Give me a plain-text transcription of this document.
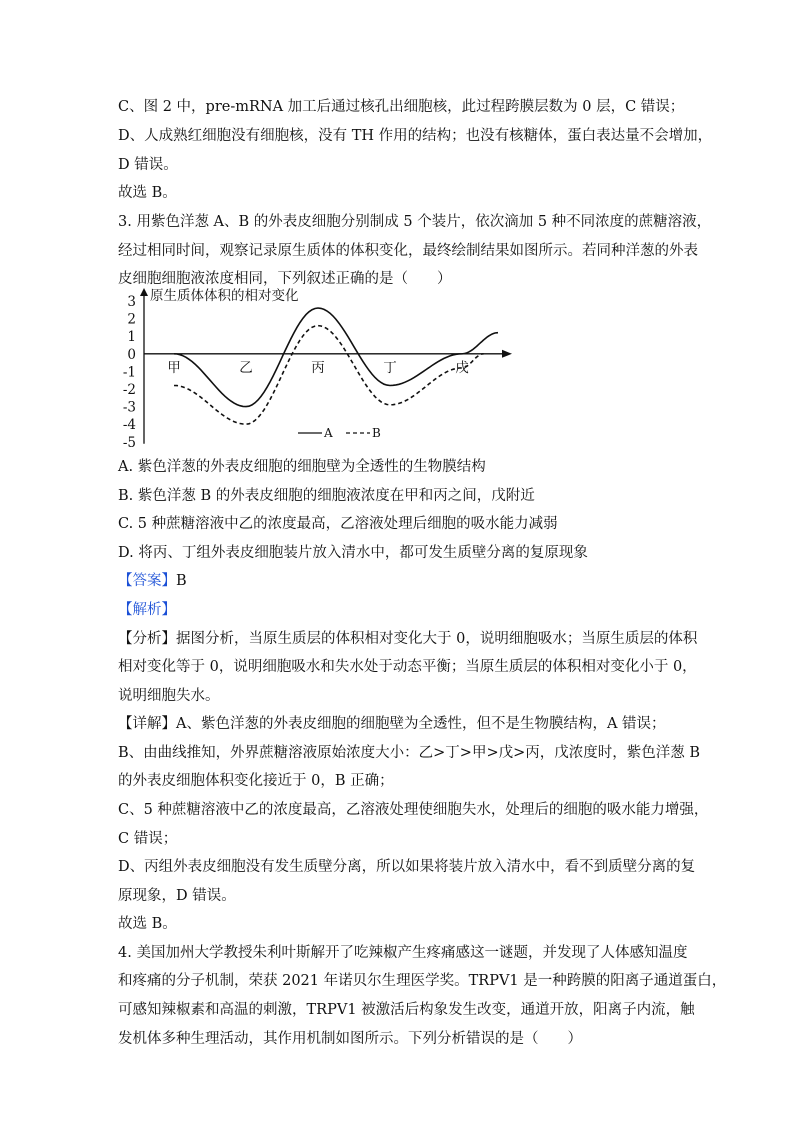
C、图 2 中，pre-mRNA 加工后通过核孔出细胞核，此过程跨膜层数为 0 层，C 错误；
D、人成熟红细胞没有细胞核，没有 TH 作用的结构；也没有核糖体，蛋白表达量不会增加，
D 错误。
故选 B。
3. 用紫色洋葱 A、B 的外表皮细胞分别制成 5 个装片，依次滴加 5 种不同浓度的蔗糖溶液，
经过相同时间，观察记录原生质体的体积变化，最终绘制结果如图所示。若同种洋葱的外表
皮细胞细胞液浓度相同，下列叙述正确的是（　　）
3
2
1
0
-1
-2
-3
-4
-5
甲	乙	丙	丁	戊
原生质体体积的相对变化
A	B
A. 紫色洋葱的外表皮细胞的细胞壁为全透性的生物膜结构
B. 紫色洋葱 B 的外表皮细胞的细胞液浓度在甲和丙之间，戊附近
C. 5 种蔗糖溶液中乙的浓度最高，乙溶液处理后细胞的吸水能力减弱
D. 将丙、丁组外表皮细胞装片放入清水中，都可发生质壁分离的复原现象
【答案】B
【解析】
【分析】据图分析，当原生质层的体积相对变化大于 0，说明细胞吸水；当原生质层的体积
相对变化等于 0，说明细胞吸水和失水处于动态平衡；当原生质层的体积相对变化小于 0，
说明细胞失水。
【详解】A、紫色洋葱的外表皮细胞的细胞壁为全透性，但不是生物膜结构，A 错误；
B、由曲线推知，外界蔗糖溶液原始浓度大小：乙>丁>甲>戊>丙，戊浓度时，紫色洋葱 B
的外表皮细胞体积变化接近于 0，B 正确；
C、5 种蔗糖溶液中乙的浓度最高，乙溶液处理使细胞失水，处理后的细胞的吸水能力增强，
C 错误；
D、丙组外表皮细胞没有发生质壁分离，所以如果将装片放入清水中，看不到质壁分离的复
原现象，D 错误。
故选 B。
4. 美国加州大学教授朱利叶斯解开了吃辣椒产生疼痛感这一谜题，并发现了人体感知温度
和疼痛的分子机制，荣获 2021 年诺贝尔生理医学奖。TRPV1 是一种跨膜的阳离子通道蛋白，
可感知辣椒素和高温的刺激，TRPV1 被激活后构象发生改变，通道开放，阳离子内流，触
发机体多种生理活动，其作用机制如图所示。下列分析错误的是（　　）
